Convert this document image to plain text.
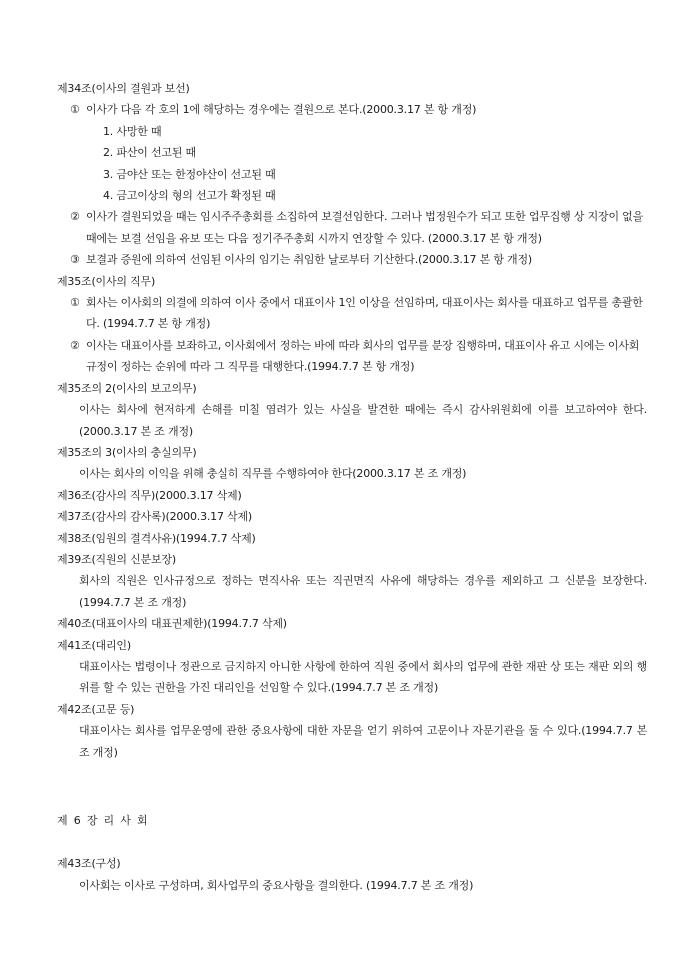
제34조(이사의 결원과 보선)
① 이사가 다음 각 호의 1에 해당하는 경우에는 결원으로 본다.(2000.3.17 본 항 개정)
1. 사망한 때
2. 파산이 선고된 때
3. 금야산 또는 한정야산이 선고된 때
4. 금고이상의 형의 선고가 확정된 때
② 이사가 결원되었을 때는 임시주주총회를 소집하여 보결선임한다. 그러나 법정원수가 되고 또한 업무집행 상 지장이 없을 때에는 보결 선임을 유보 또는 다음 정기주주총회 시까지 연장할 수 있다. (2000.3.17 본 항 개정)
③ 보결과 증원에 의하여 선임된 이사의 임기는 취임한 날로부터 기산한다.(2000.3.17 본 항 개정)
제35조(이사의 직무)
① 회사는 이사회의 의결에 의하여 이사 중에서 대표이사 1인 이상을 선임하며, 대표이사는 회사를 대표하고 업무를 총괄한다. (1994.7.7 본 항 개정)
② 이사는 대표이사를 보좌하고, 이사회에서 정하는 바에 따라 회사의 업무를 분장 집행하며, 대표이사 유고 시에는 이사회규정이 정하는 순위에 따라 그 직무를 대행한다.(1994.7.7 본 항 개정)
제35조의 2(이사의 보고의무)
이사는 회사에 현저하게 손해를 미칠 염려가 있는 사실을 발견한 때에는 즉시 감사위원회에 이를 보고하여야 한다. (2000.3.17 본 조 개정)
제35조의 3(이사의 충실의무)
이사는 회사의 이익을 위해 충실히 직무를 수행하여야 한다(2000.3.17 본 조 개정)
제36조(감사의 직무)(2000.3.17 삭제)
제37조(감사의 감사록)(2000.3.17 삭제)
제38조(임원의 결격사유)(1994.7.7 삭제)
제39조(직원의 신분보장)
회사의 직원은 인사규정으로 정하는 면직사유 또는 직권면직 사유에 해당하는 경우를 제외하고 그 신분을 보장한다. (1994.7.7 본 조 개정)
제40조(대표이사의 대표권제한)(1994.7.7 삭제)
제41조(대리인)
대표이사는 법령이나 정관으로 금지하지 아니한 사항에 한하여 직원 중에서 회사의 업무에 관한 재판 상 또는 재판 외의 행위를 할 수 있는 권한을 가진 대리인을 선임할 수 있다.(1994.7.7 본 조 개정)
제42조(고문 등)
대표이사는 회사를 업무운영에 관한 중요사항에 대한 자문을 얻기 위하여 고문이나 자문기관을 둘 수 있다.(1994.7.7 본 조 개정)
제 6 장 리 사 회
제43조(구성)
이사회는 이사로 구성하며, 회사업무의 중요사항을 결의한다. (1994.7.7 본 조 개정)
